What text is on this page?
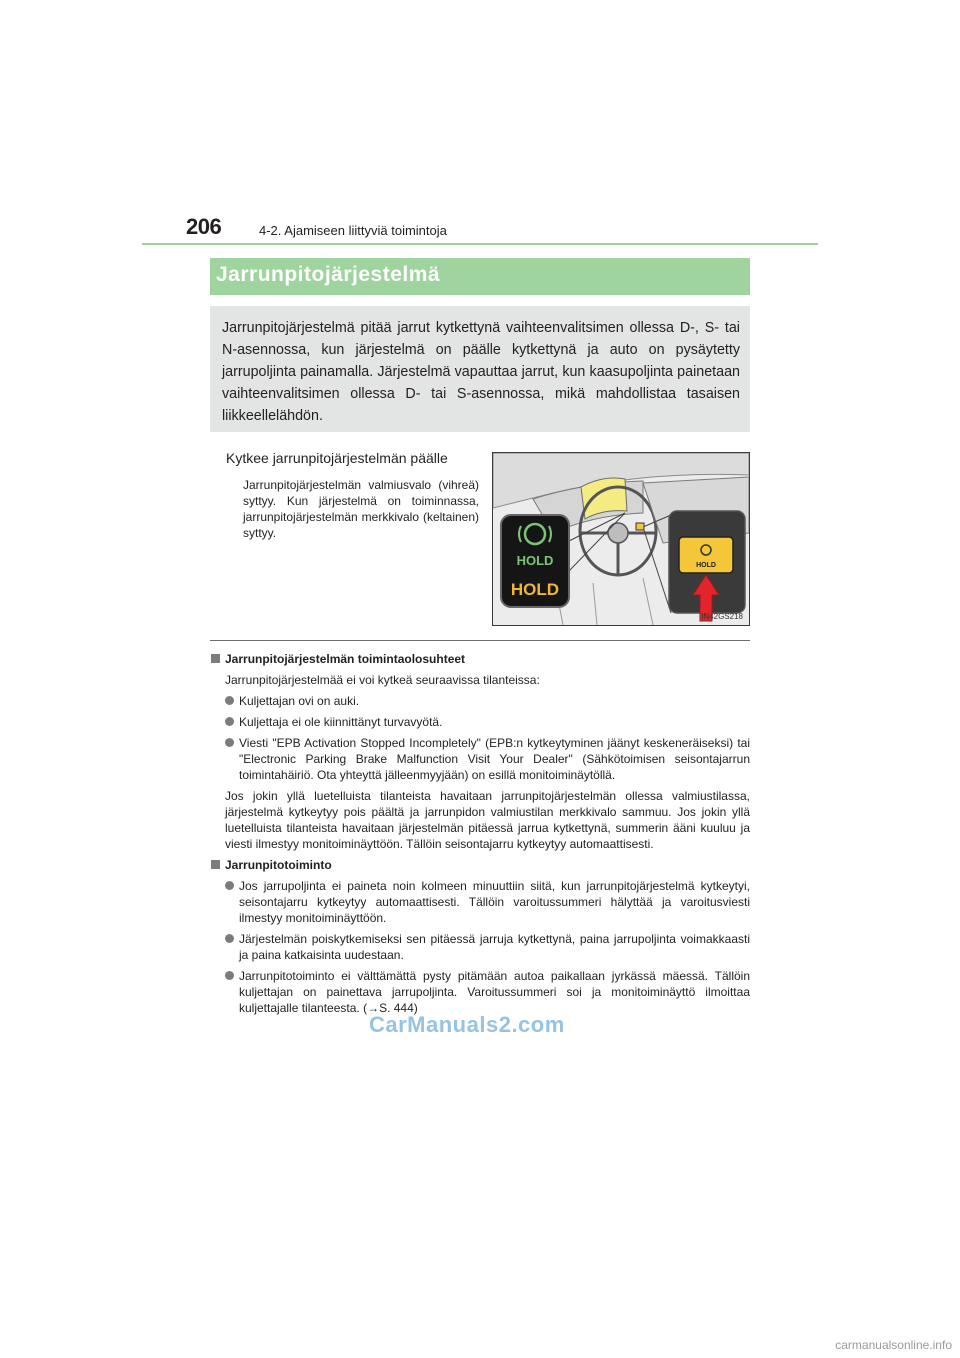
206	4-2. Ajamiseen liittyviä toimintoja
Jarrunpitojärjestelmä

Jarrunpitojärjestelmä pitää jarrut kytkettynä vaihteenvalitsimen ollessa D-, S- tai N-asennossa, kun järjestelmä on päälle kytkettynä ja auto on pysäytetty jarrupoljinta painamalla. Järjestelmä vapauttaa jarrut, kun kaasupoljinta painetaan vaihteenvalitsimen ollessa D- tai S-asennossa, mikä mahdollistaa tasaisen liikkeellelähdön.

Kytkee jarrunpitojärjestelmän päälle

Jarrunpitojärjestelmän valmiusvalo (vihreä) syttyy. Kun järjestelmä on toiminnassa, jarrunpitojärjestelmän merkkivalo (keltainen) syttyy.

HOLD
HOLD
HOLD
IN42GS218

Jarrunpitojärjestelmän toimintaolosuhteet

Jarrunpitojärjestelmää ei voi kytkeä seuraavissa tilanteissa:

Kuljettajan ovi on auki.
Kuljettaja ei ole kiinnittänyt turvavyötä.
Viesti "EPB Activation Stopped Incompletely" (EPB:n kytkeytyminen jäänyt keskeneräiseksi) tai "Electronic Parking Brake Malfunction Visit Your Dealer" (Sähkötoimisen seisontajarrun toimintahäiriö. Ota yhteyttä jälleenmyyjään) on esillä monitoiminäytöllä.

Jos jokin yllä luetelluista tilanteista havaitaan jarrunpitojärjestelmän ollessa valmiustilassa, järjestelmä kytkeytyy pois päältä ja jarrunpidon valmiustilan merkkivalo sammuu. Jos jokin yllä luetelluista tilanteista havaitaan järjestelmän pitäessä jarrua kytkettynä, summerin ääni kuuluu ja viesti ilmestyy monitoiminäyttöön. Tällöin seisontajarru kytkeytyy automaattisesti.

Jarrunpitotoiminto

Jos jarrupoljinta ei paineta noin kolmeen minuuttiin siitä, kun jarrunpitojärjestelmä kytkeytyi, seisontajarru kytkeytyy automaattisesti. Tällöin varoitussummeri hälyttää ja varoitusviesti ilmestyy monitoiminäyttöön.
Järjestelmän poiskytkemiseksi sen pitäessä jarruja kytkettynä, paina jarrupoljinta voimakkaasti ja paina katkaisinta uudestaan.
Jarrunpitotoiminto ei välttämättä pysty pitämään autoa paikallaan jyrkässä mäessä. Tällöin kuljettajan on painettava jarrupoljinta. Varoitussummeri soi ja monitoiminäyttö ilmoittaa kuljettajalle tilanteesta. (→S. 444)
CarManuals2.com
carmanualsonline.info
